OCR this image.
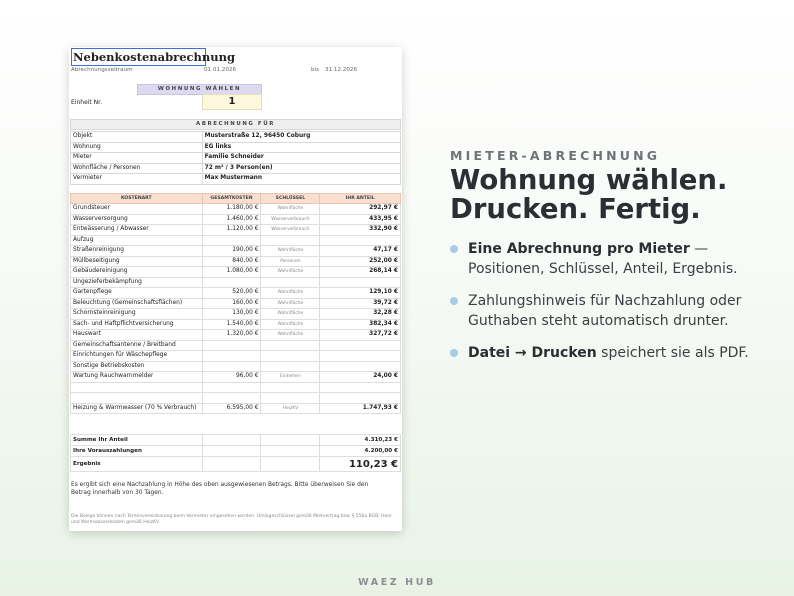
Nebenkostenabrechnung
Abrechnungszeitraum	01.01.2026	bis 31.12.2026
WOHNUNG WÄHLEN
Einheit Nr.	1
ABRECHNUNG FÜR
Objekt	Musterstraße 12, 96450 Coburg
Wohnung	EG links
Mieter	Familie Schneider
Wohnfläche / Personen	72 m² / 3 Person(en)
Vermieter	Max Mustermann
KOSTENART	GESAMTKOSTEN	SCHLÜSSEL	IHR ANTEIL
Grundsteuer	1.180,00 €	Wohnfläche	292,97 €
Wasserversorgung	1.460,00 €	Wasserverbrauch	433,95 €
Entwässerung / Abwasser	1.120,00 €	Wasserverbrauch	332,90 €
Aufzug			
Straßenreinigung	190,00 €	Wohnfläche	47,17 €
Müllbeseitigung	840,00 €	Personen	252,00 €
Gebäudereinigung	1.080,00 €	Wohnfläche	268,14 €
Ungezieferbekämpfung			
Gartenpflege	520,00 €	Wohnfläche	129,10 €
Beleuchtung (Gemeinschaftsflächen)	160,00 €	Wohnfläche	39,72 €
Schornsteinreinigung	130,00 €	Wohnfläche	32,28 €
Sach- und Haftpflichtversicherung	1.540,00 €	Wohnfläche	382,34 €
Hauswart	1.320,00 €	Wohnfläche	327,72 €
Gemeinschaftsantenne / Breitband			
Einrichtungen für Wäschepflege			
Sonstige Betriebskosten			
Wartung Rauchwarnmelder	96,00 €	Einheiten	24,00 €

Heizung & Warmwasser (70 % Verbrauch)	6.595,00 €	HeizKV	1.747,93 €
Summe Ihr Anteil			4.310,23 €
Ihre Vorauszahlungen			4.200,00 €
Ergebnis			110,23 €
Es ergibt sich eine Nachzahlung in Höhe des oben ausgewiesenen Betrags. Bitte überweisen Sie den Betrag innerhalb von 30 Tagen.
Die Belege können nach Terminvereinbarung beim Vermieter eingesehen werden. Umlageschlüssel gemäß Mietvertrag bzw. § 556a BGB; Heiz- und Warmwasserkosten gemäß HeizKV.
MIETER-ABRECHNUNG
Wohnung wählen.
Drucken. Fertig.
Eine Abrechnung pro Mieter — Positionen, Schlüssel, Anteil, Ergebnis.
Zahlungshinweis für Nachzahlung oder Guthaben steht automatisch drunter.
Datei → Drucken speichert sie als PDF.
WAEZ HUB
